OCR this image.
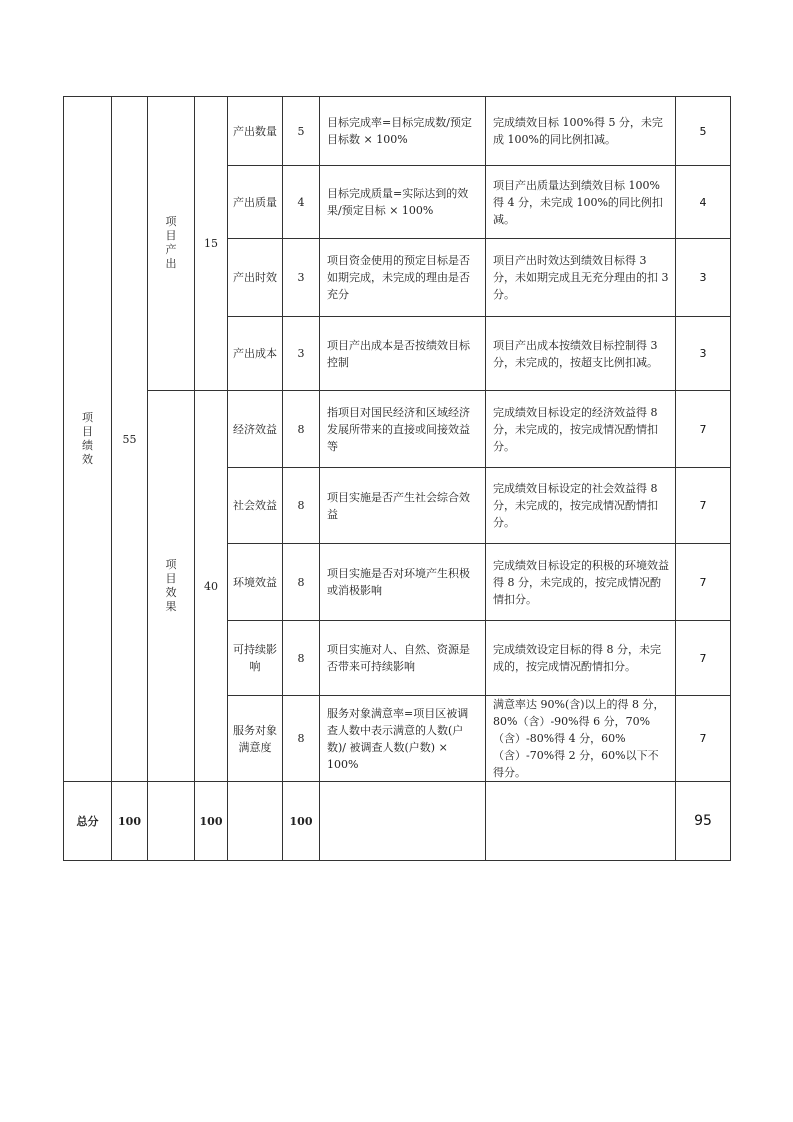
项目绩效	55	项目产出	15	产出数量	5	目标完成率=目标完成数/预定目标数 × 100%	完成绩效目标 100%得 5 分，未完成 100%的同比例扣减。	5
				产出质量	4	目标完成质量=实际达到的效果/预定目标 × 100%	项目产出质量达到绩效目标 100%得 4 分，未完成 100%的同比例扣减。	4
				产出时效	3	项目资金使用的预定目标是否如期完成，未完成的理由是否充分	项目产出时效达到绩效目标得 3 分，未如期完成且无充分理由的扣 3分。	3
				产出成本	3	项目产出成本是否按绩效目标控制	项目产出成本按绩效目标控制得 3分，未完成的，按超支比例扣减。	3
		项目效果	40	经济效益	8	指项目对国民经济和区域经济发展所带来的直接或间接效益等	完成绩效目标设定的经济效益得 8 分，未完成的，按完成情况酌情扣分。	7
				社会效益	8	项目实施是否产生社会综合效益	完成绩效目标设定的社会效益得 8 分，未完成的，按完成情况酌情扣分。	7
				环境效益	8	项目实施是否对环境产生积极或消极影响	完成绩效目标设定的积极的环境效益得 8 分，未完成的，按完成情况酌情扣分。	7
				可持续影响	8	项目实施对人、自然、资源是否带来可持续影响	完成绩效设定目标的得 8 分，未完成的，按完成情况酌情扣分。	7
				服务对象满意度	8	服务对象满意率=项目区被调查人数中表示满意的人数(户数)/ 被调查人数(户数) × 100%	满意率达 90%(含)以上的得 8 分，80%（含）-90%得 6 分，70%（含）-80%得 4 分，60%（含）-70%得 2 分，60%以下不得分。	7
总分	100		100		100			95
